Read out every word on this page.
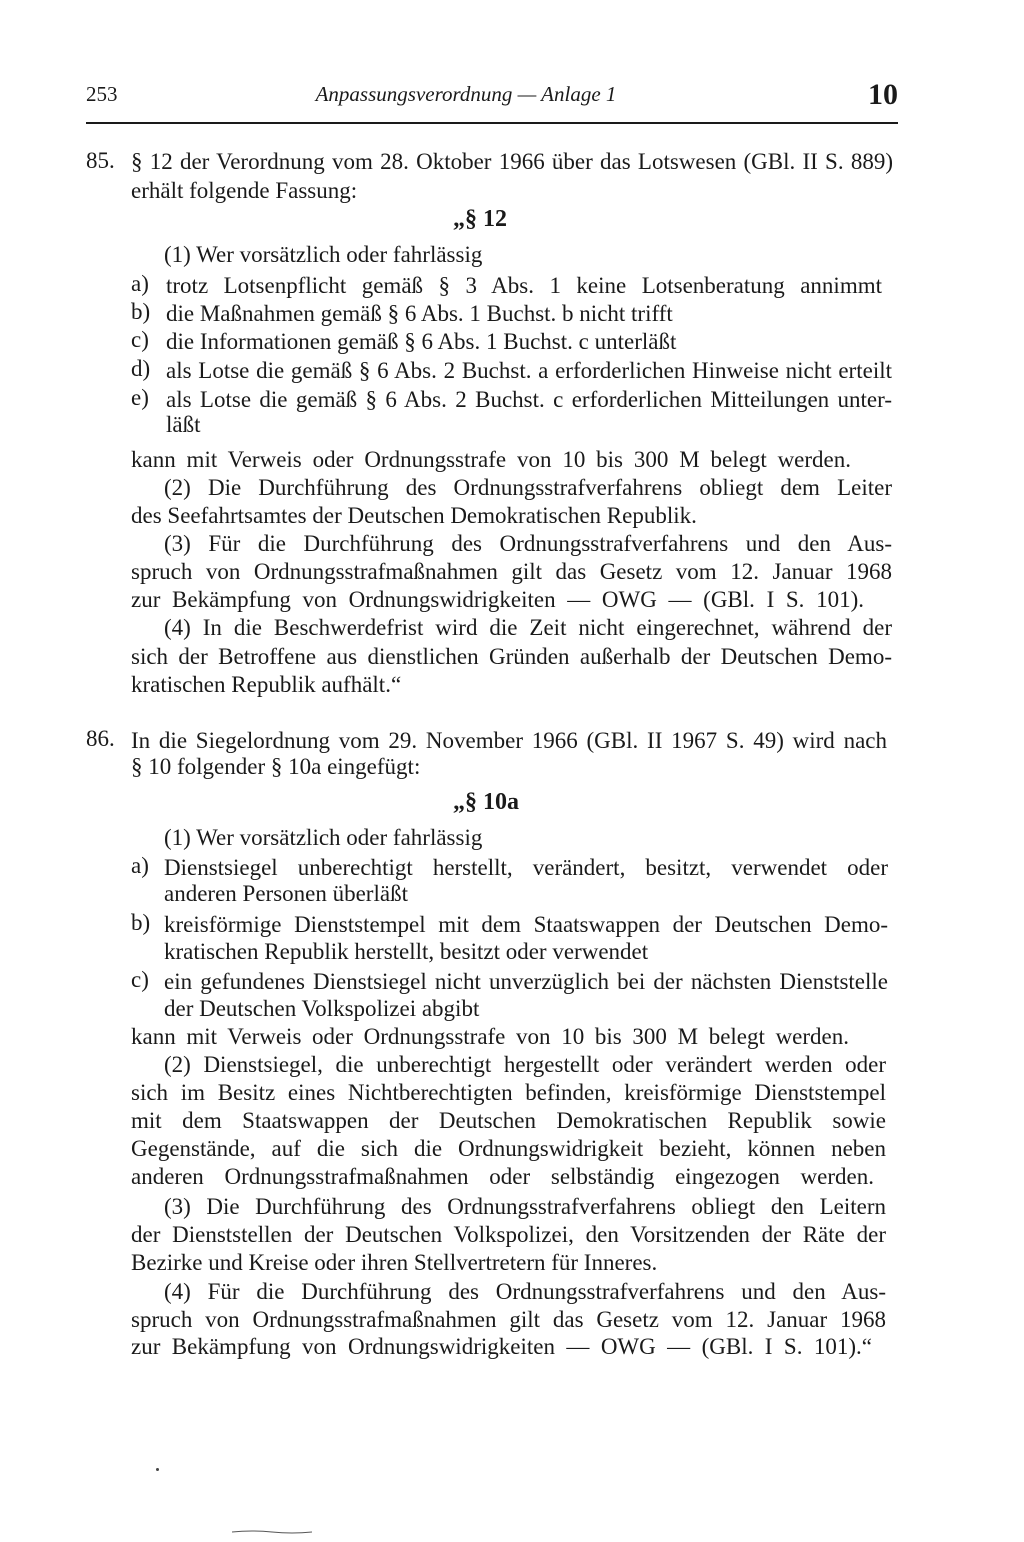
253	Anpassungsverordnung — Anlage 1	10
85. § 12 der Verordnung vom 28. Oktober 1966 über das Lotswesen (GBl. II S. 889)
erhält folgende Fassung:
„§ 12
(1) Wer vorsätzlich oder fahrlässig
a) trotz Lotsenpflicht gemäß § 3 Abs. 1 keine Lotsenberatung annimmt
b) die Maßnahmen gemäß § 6 Abs. 1 Buchst. b nicht trifft
c) die Informationen gemäß § 6 Abs. 1 Buchst. c unterläßt
d) als Lotse die gemäß § 6 Abs. 2 Buchst. a erforderlichen Hinweise nicht erteilt
e) als Lotse die gemäß § 6 Abs. 2 Buchst. c erforderlichen Mitteilungen unter-
läßt
kann mit Verweis oder Ordnungsstrafe von 10 bis 300 M belegt werden.
(2) Die Durchführung des Ordnungsstrafverfahrens obliegt dem Leiter
des Seefahrtsamtes der Deutschen Demokratischen Republik.
(3) Für die Durchführung des Ordnungsstrafverfahrens und den Aus-
spruch von Ordnungsstrafmaßnahmen gilt das Gesetz vom 12. Januar 1968
zur Bekämpfung von Ordnungswidrigkeiten — OWG — (GBl. I S. 101).
(4) In die Beschwerdefrist wird die Zeit nicht eingerechnet, während der
sich der Betroffene aus dienstlichen Gründen außerhalb der Deutschen Demo-
kratischen Republik aufhält.“
86. In die Siegelordnung vom 29. November 1966 (GBl. II 1967 S. 49) wird nach
§ 10 folgender § 10a eingefügt:
„§ 10a
(1) Wer vorsätzlich oder fahrlässig
a) Dienstsiegel unberechtigt herstellt, verändert, besitzt, verwendet oder
anderen Personen überläßt
b) kreisförmige Dienststempel mit dem Staatswappen der Deutschen Demo-
kratischen Republik herstellt, besitzt oder verwendet
c) ein gefundenes Dienstsiegel nicht unverzüglich bei der nächsten Dienststelle
der Deutschen Volkspolizei abgibt
kann mit Verweis oder Ordnungsstrafe von 10 bis 300 M belegt werden.
(2) Dienstsiegel, die unberechtigt hergestellt oder verändert werden oder
sich im Besitz eines Nichtberechtigten befinden, kreisförmige Dienststempel
mit dem Staatswappen der Deutschen Demokratischen Republik sowie
Gegenstände, auf die sich die Ordnungswidrigkeit bezieht, können neben
anderen Ordnungsstrafmaßnahmen oder selbständig eingezogen werden.
(3) Die Durchführung des Ordnungsstrafverfahrens obliegt den Leitern
der Dienststellen der Deutschen Volkspolizei, den Vorsitzenden der Räte der
Bezirke und Kreise oder ihren Stellvertretern für Inneres.
(4) Für die Durchführung des Ordnungsstrafverfahrens und den Aus-
spruch von Ordnungsstrafmaßnahmen gilt das Gesetz vom 12. Januar 1968
zur Bekämpfung von Ordnungswidrigkeiten — OWG — (GBl. I S. 101).“
